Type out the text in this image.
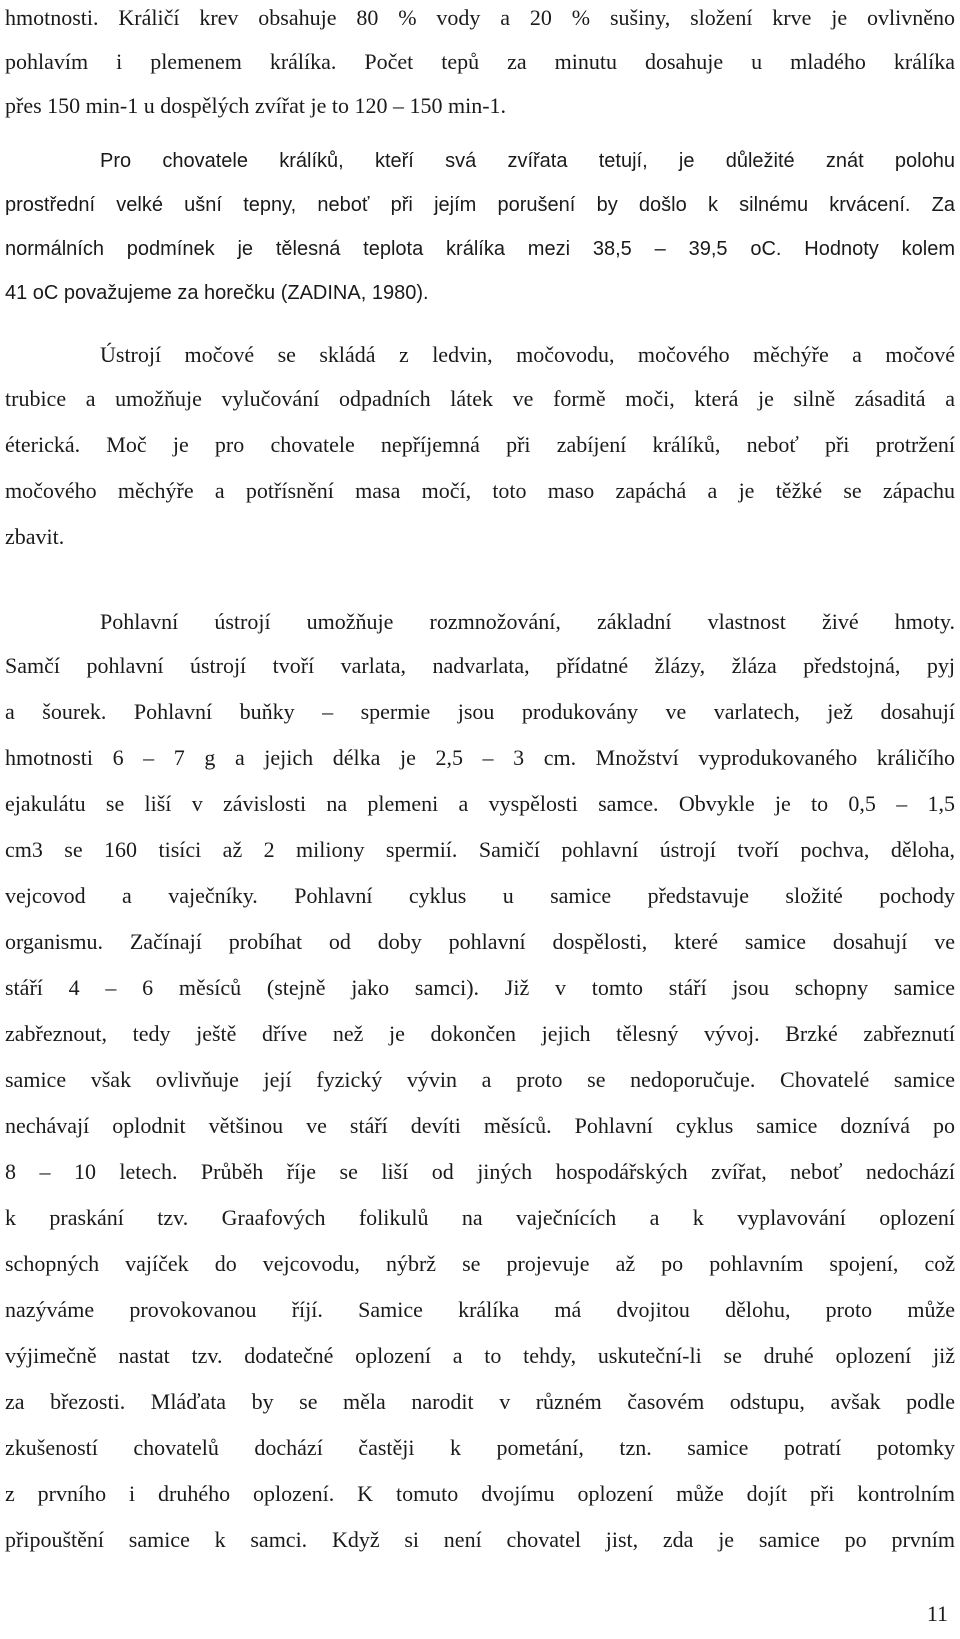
hmotnosti. Králičí krev obsahuje 80 % vody a 20 % sušiny, složení krve je ovlivněno
pohlavím i plemenem králíka. Počet tepů za minutu dosahuje u mladého králíka
přes 150 min-1 u dospělých zvířat je to 120 – 150 min-1.
Pro chovatele králíků, kteří svá zvířata tetují, je důležité znát polohu
prostřední velké ušní tepny, neboť při jejím porušení by došlo k silnému krvácení. Za
normálních podmínek je tělesná teplota králíka mezi 38,5 – 39,5 oC. Hodnoty kolem
41 oC považujeme za horečku (ZADINA, 1980).
Ústrojí močové se skládá z ledvin, močovodu, močového měchýře a močové
trubice a umožňuje vylučování odpadních látek ve formě moči, která je silně zásaditá a
éterická. Moč je pro chovatele nepříjemná při zabíjení králíků, neboť při protržení
močového měchýře a potřísnění masa močí, toto maso zapáchá a je těžké se zápachu
zbavit.
Pohlavní ústrojí umožňuje rozmnožování, základní vlastnost živé hmoty.
Samčí pohlavní ústrojí tvoří varlata, nadvarlata, přídatné žlázy, žláza předstojná, pyj
a šourek. Pohlavní buňky – spermie jsou produkovány ve varlatech, jež dosahují
hmotnosti 6 – 7 g a jejich délka je 2,5 – 3 cm. Množství vyprodukovaného králičího
ejakulátu se liší v závislosti na plemeni a vyspělosti samce. Obvykle je to 0,5 – 1,5
cm3 se 160 tisíci až 2 miliony spermií. Samičí pohlavní ústrojí tvoří pochva, děloha,
vejcovod a vaječníky. Pohlavní cyklus u samice představuje složité pochody
organismu. Začínají probíhat od doby pohlavní dospělosti, které samice dosahují ve
stáří 4 – 6 měsíců (stejně jako samci). Již v tomto stáří jsou schopny samice
zabřeznout, tedy ještě dříve než je dokončen jejich tělesný vývoj. Brzké zabřeznutí
samice však ovlivňuje její fyzický vývin a proto se nedoporučuje. Chovatelé samice
nechávají oplodnit většinou ve stáří devíti měsíců. Pohlavní cyklus samice doznívá po
8 – 10 letech. Průběh říje se liší od jiných hospodářských zvířat, neboť nedochází
k praskání tzv. Graafových folikulů na vaječnících a k vyplavování oplození
schopných vajíček do vejcovodu, nýbrž se projevuje až po pohlavním spojení, což
nazýváme provokovanou říjí. Samice králíka má dvojitou dělohu, proto může
výjimečně nastat tzv. dodatečné oplození a to tehdy, uskuteční-li se druhé oplození již
za březosti. Mláďata by se měla narodit v různém časovém odstupu, avšak podle
zkušeností chovatelů dochází častěji k pometání, tzn. samice potratí potomky
z prvního i druhého oplození. K tomuto dvojímu oplození může dojít při kontrolním
připouštění samice k samci. Když si není chovatel jist, zda je samice po prvním
11
